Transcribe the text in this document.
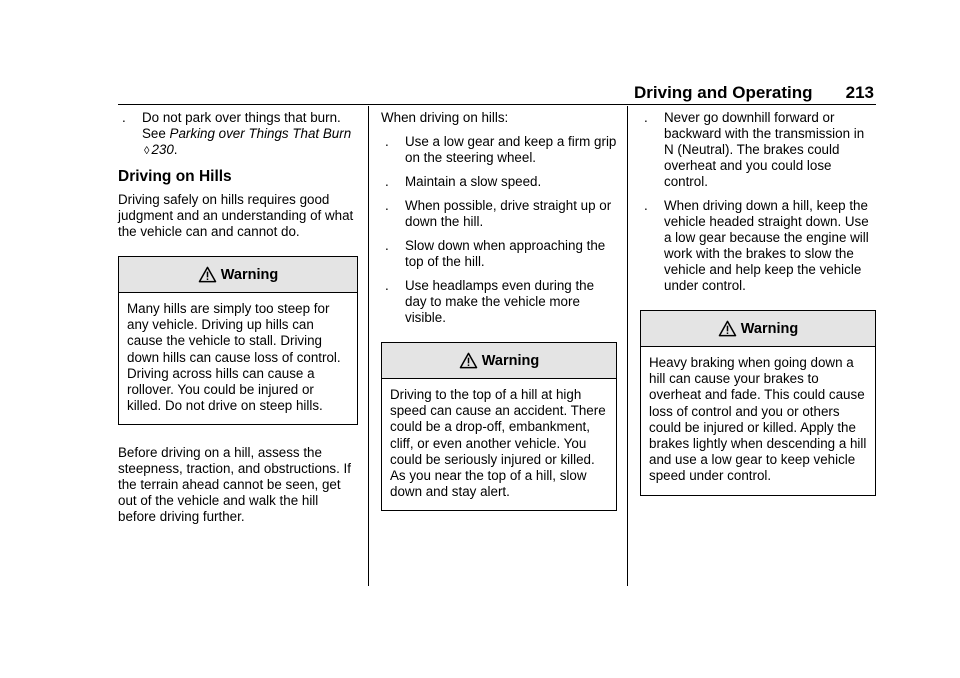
Driving and Operating 213
. Do not park over things that burn. See Parking over Things That Burn ◊ 230.
Driving on Hills
Driving safely on hills requires good judgment and an understanding of what the vehicle can and cannot do.
Warning
Many hills are simply too steep for any vehicle. Driving up hills can cause the vehicle to stall. Driving down hills can cause loss of control. Driving across hills can cause a rollover. You could be injured or killed. Do not drive on steep hills.
Before driving on a hill, assess the steepness, traction, and obstructions. If the terrain ahead cannot be seen, get out of the vehicle and walk the hill before driving further.
When driving on hills:
. Use a low gear and keep a firm grip on the steering wheel.
. Maintain a slow speed.
. When possible, drive straight up or down the hill.
. Slow down when approaching the top of the hill.
. Use headlamps even during the day to make the vehicle more visible.
Warning
Driving to the top of a hill at high speed can cause an accident. There could be a drop-off, embankment, cliff, or even another vehicle. You could be seriously injured or killed. As you near the top of a hill, slow down and stay alert.
. Never go downhill forward or backward with the transmission in N (Neutral). The brakes could overheat and you could lose control.
. When driving down a hill, keep the vehicle headed straight down. Use a low gear because the engine will work with the brakes to slow the vehicle and help keep the vehicle under control.
Warning
Heavy braking when going down a hill can cause your brakes to overheat and fade. This could cause loss of control and you or others could be injured or killed. Apply the brakes lightly when descending a hill and use a low gear to keep vehicle speed under control.
